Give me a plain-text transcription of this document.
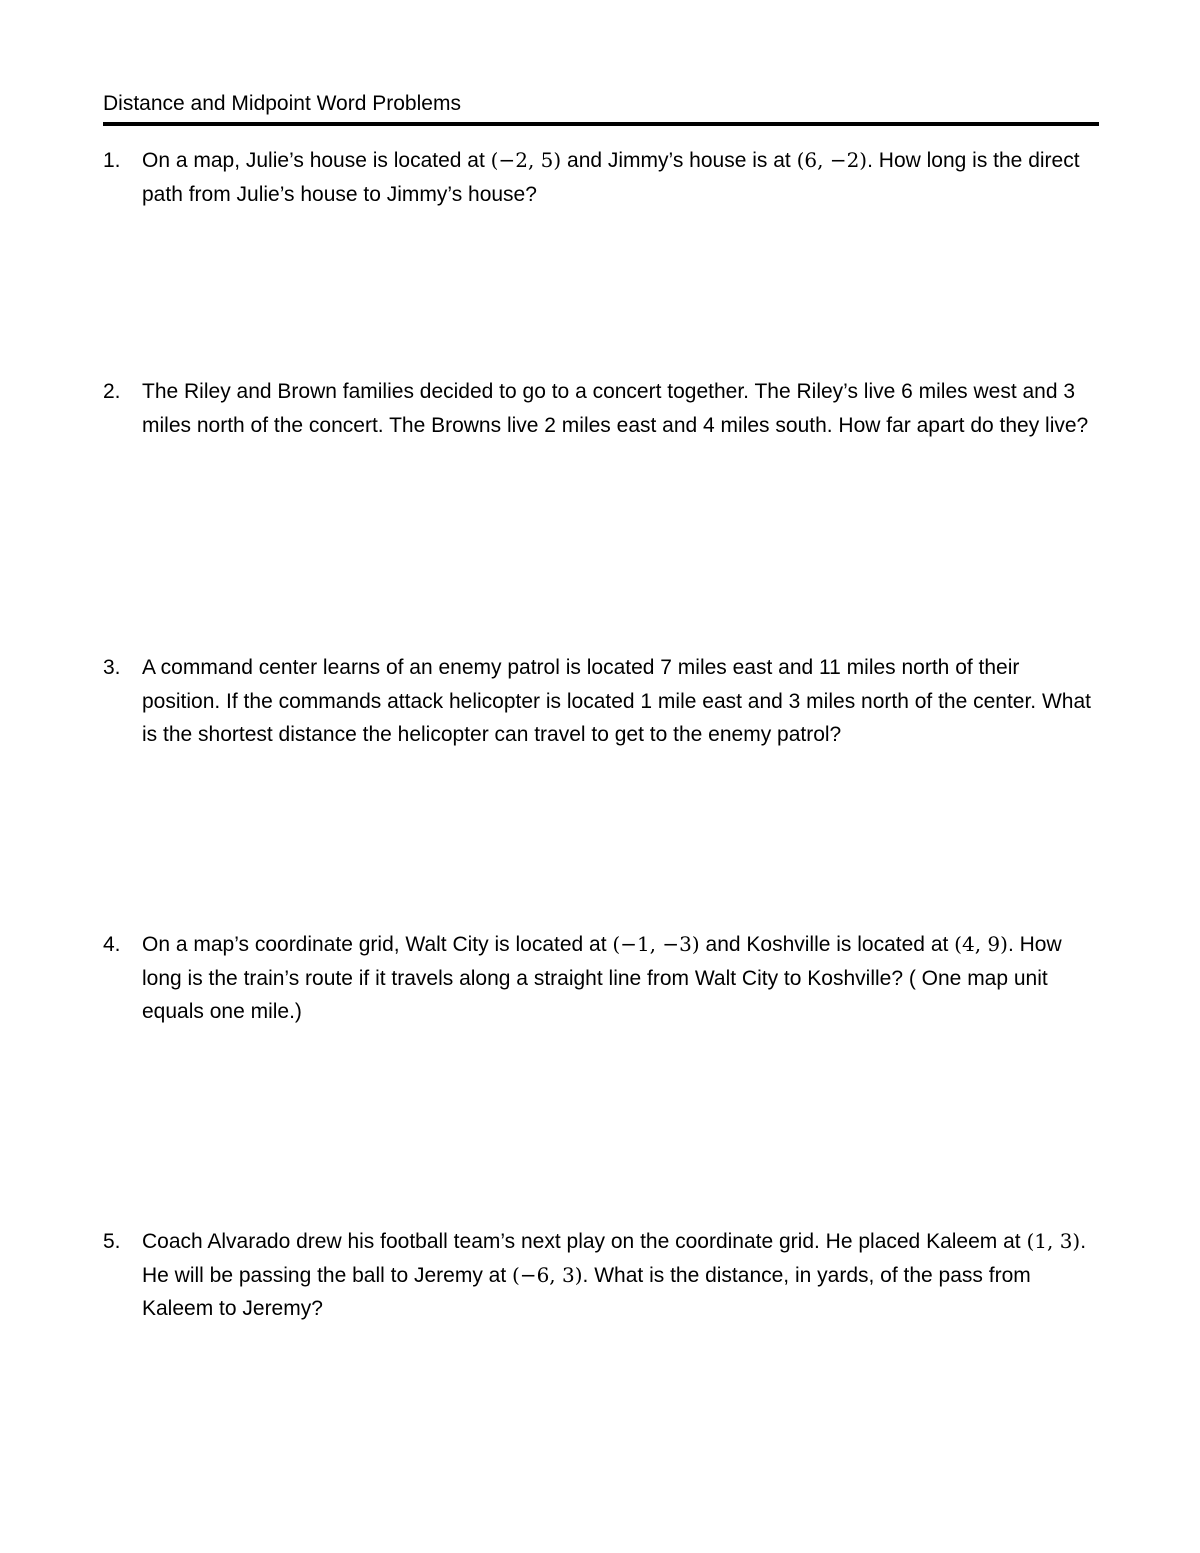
Distance and Midpoint Word Problems
1.	On a map, Julie’s house is located at (−2, 5) and Jimmy’s house is at (6, −2). How long is the direct path from Julie’s house to Jimmy’s house?
2.	The Riley and Brown families decided to go to a concert together. The Riley’s live 6 miles west and 3 miles north of the concert. The Browns live 2 miles east and 4 miles south. How far apart do they live?
3.	A command center learns of an enemy patrol is located 7 miles east and 11 miles north of their position. If the commands attack helicopter is located 1 mile east and 3 miles north of the center. What is the shortest distance the helicopter can travel to get to the enemy patrol?
4.	On a map’s coordinate grid, Walt City is located at (−1, −3) and Koshville is located at (4, 9). How long is the train’s route if it travels along a straight line from Walt City to Koshville? ( One map unit equals one mile.)
5.	Coach Alvarado drew his football team’s next play on the coordinate grid. He placed Kaleem at (1, 3). He will be passing the ball to Jeremy at (−6, 3). What is the distance, in yards, of the pass from Kaleem to Jeremy?
